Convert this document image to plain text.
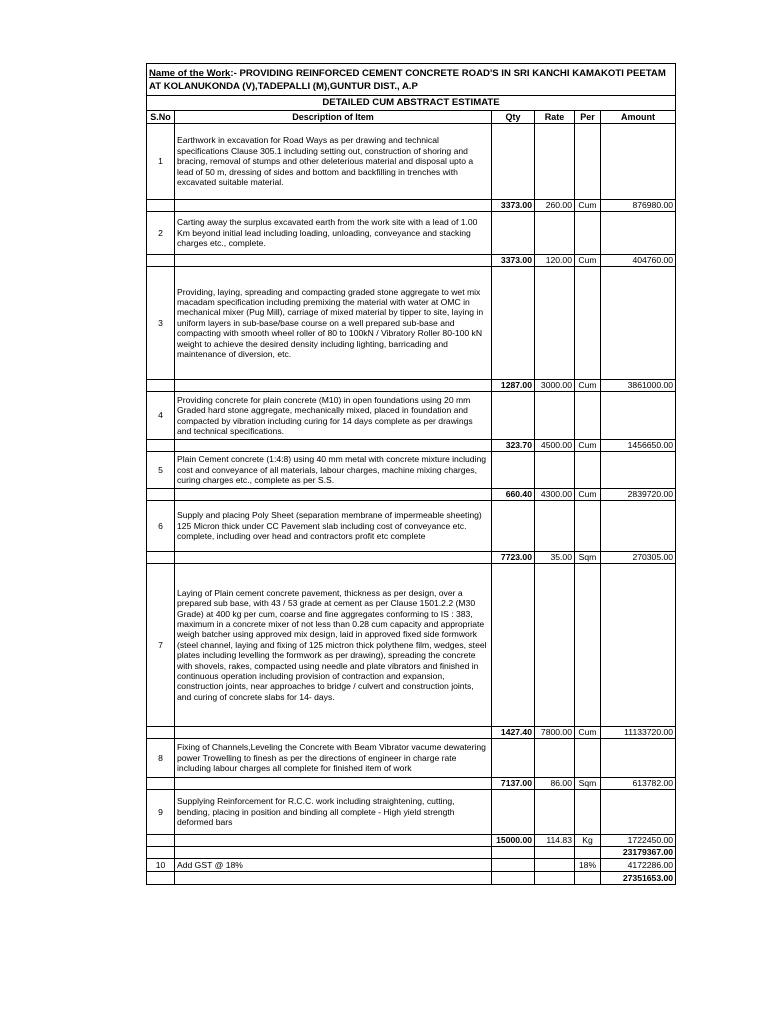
Name of the Work:- PROVIDING REINFORCED CEMENT CONCRETE ROAD'S IN SRI KANCHI KAMAKOTI PEETAM AT KOLANUKONDA (V),TADEPALLI (M),GUNTUR DIST., A.P					
DETAILED CUM ABSTRACT ESTIMATE					
S.No	Description of Item	Qty	Rate	Per	Amount
1	Earthwork in excavation for Road Ways as per drawing and technical specifications Clause 305.1 including setting out, construction of shoring and bracing, removal of stumps and other deleterious material and disposal upto a lead of 50 m, dressing of sides and bottom and backfilling in trenches with excavated suitable material.				
		3373.00	260.00	Cum	876980.00
2	Carting away the surplus excavated earth from the work site with a lead of 1.00 Km beyond initial lead including loading, unloading, conveyance and stacking charges etc., complete.				
		3373.00	120.00	Cum	404760.00
3	Providing, laying, spreading and compacting graded stone aggregate to wet mix macadam specification including premixing the material with water at OMC in mechanical mixer (Pug Mill), carriage of mixed material by tipper to site, laying in uniform layers in sub-base/base course on a well prepared sub-base and compacting with smooth wheel roller of 80 to 100kN / Vibratory Roller 80-100 kN weight to achieve the desired density including lighting, barricading and maintenance of diversion, etc.				
		1287.00	3000.00	Cum	3861000.00
4	Providing concrete for plain concrete (M10) in open foundations using 20 mm Graded hard stone aggregate, mechanically mixed, placed in foundation and compacted by vibration including curing for 14 days complete as per drawings and technical specifications.				
		323.70	4500.00	Cum	1456650.00
5	Plain Cement concrete (1:4:8) using 40 mm metal with concrete mixture including cost and conveyance of all materials, labour charges, machine mixing charges, curing charges etc., complete as per S.S.				
		660.40	4300.00	Cum	2839720.00
6	Supply and placing Poly Sheet (separation membrane of impermeable sheeting) 125 Micron thick under CC Pavement slab including cost of conveyance etc. complete, including over head and contractors profit etc complete				
		7723.00	35.00	Sqm	270305.00
7	Laying of Plain cement concrete pavement, thickness as per design, over a prepared sub base, with 43 / 53 grade at cement as per Clause 1501.2.2 (M30 Grade) at 400 kg per cum, coarse and fine aggregates conforming to IS : 383, maximum in a concrete mixer of not less than 0.28 cum capacity and appropriate weigh batcher using approved mix design, laid in approved fixed side formwork (steel channel, laying and fixing of 125 mictron thick polythene film, wedges, steel plates including levelling the formwork as per drawing), spreading the concrete with shovels, rakes, compacted using needle and plate vibrators and finished in continuous operation including provision of contraction and expansion, construction joints, near approaches to bridge / culvert and construction joints, and curing of concrete slabs for 14- days.				
		1427.40	7800.00	Cum	11133720.00
8	Fixing of Channels,Leveling the Concrete with Beam Vibrator vacume dewatering power Trowelling to finesh as per the directions of engineer in charge rate including labour charges all complete for finished item of work				
		7137.00	86.00	Sqm	613782.00
9	Supplying Reinforcement for R.C.C. work including straightening, cutting, bending, placing in position and binding all complete - High yield strength deformed bars				
		15000.00	114.83	Kg	1722450.00
					23179367.00
10	Add GST @ 18%			18%	4172286.00
					27351653.00
